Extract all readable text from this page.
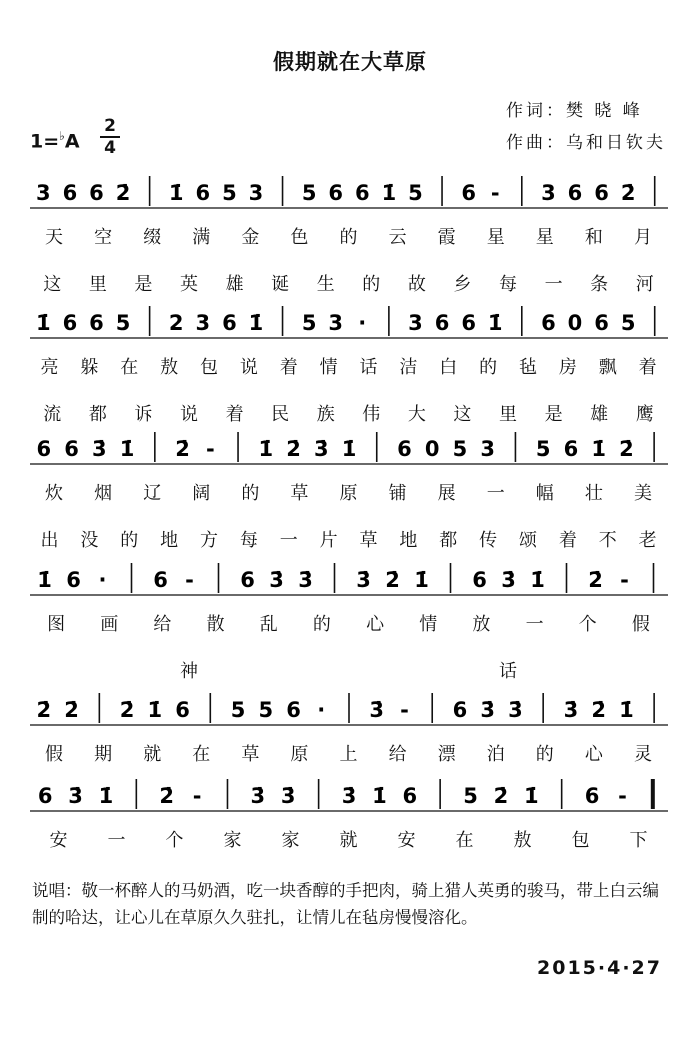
假期就在大草原
作词：樊 晓 峰
作曲：乌和日钦夫
1=♭A
2
4
3 6 6 2̇ 1̇ 6 5 3 5 6 6 1̇ 5 6 - 3 6 6 2̇
1̇ 6 6 5 2 3 6 1̇ 5 3 · 3 6 6 1̇ 6 0 6 5
6 6 3̇ 1̇ 2̇ - 1̇ 2̇ 3̇ 1̇ 6 0 5 3 5 6 1̇ 2̇
1̇ 6 · 6 - 6 3̇ 3̇ 3̇ 2̇ 1̇ 6 3̇ 1̇ 2̇ -
2̇ 2̇ 2̇ 1̇ 6 5 5 6 · 3̇ - 6 3̇ 3̇ 3̇ 2̇ 1̇
6 3̇ 1̇ 2̇ - 3̇ 3̇ 3̇ 1̇ 6 5 2̇ 1̇ 6 -
天 空 缀 满 金 色 的 云 霞 星 星 和 月
这 里 是 英 雄 诞 生 的 故 乡 每 一 条 河
亮 躲 在 敖 包 说 着 情 话 洁 白 的 毡 房 飘 着
流 都 诉 说 着 民 族 伟 大 这 里 是 雄 鹰
炊 烟 辽 阔 的 草 原 铺 展 一 幅 壮 美
出 没 的 地 方 每 一 片 草 地 都 传 颂 着 不 老
图 画 给 散 乱 的 心 情 放 一 个 假
神	话
假 期 就 在 草 原 上 给 漂 泊 的 心 灵
安 一 个 家 家 就 安 在 敖 包 下
说唱：敬一杯醉人的马奶酒，吃一块香醇的手把肉，骑上猎人英勇的骏马，带上白云编制的哈达，让心儿在草原久久驻扎，让情儿在毡房慢慢溶化。
2015·4·27
